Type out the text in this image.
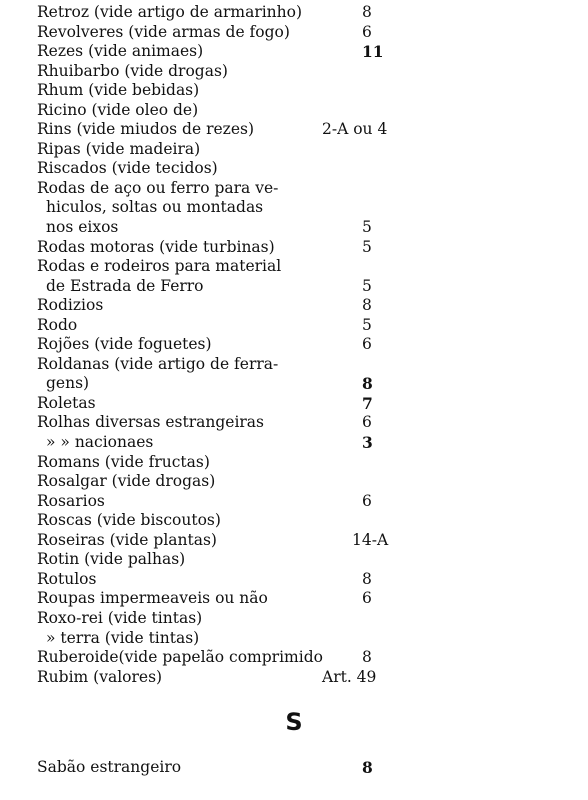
Retroz (vide artigo de armarinho)	8
Revolveres (vide armas de fogo)	6
Rezes (vide animaes)	11
Rhuibarbo (vide drogas)
Rhum (vide bebidas)
Ricino (vide oleo de)
Rins (vide miudos de rezes)	2-A ou 4
Ripas (vide madeira)
Riscados (vide tecidos)
Rodas de aço ou ferro para ve-
hiculos, soltas ou montadas
nos eixos	5
Rodas motoras (vide turbinas)	5
Rodas e rodeiros para material
de Estrada de Ferro	5
Rodizios	8
Rodo	5
Rojões (vide foguetes)	6
Roldanas (vide artigo de ferra-
gens)	8
Roletas	7
Rolhas diversas estrangeiras	6
» » nacionaes	3
Romans (vide fructas)
Rosalgar (vide drogas)
Rosarios	6
Roscas (vide biscoutos)
Roseiras (vide plantas)	14-A
Rotin (vide palhas)
Rotulos	8
Roupas impermeaveis ou não	6
Roxo-rei (vide tintas)
» terra (vide tintas)
Ruberoide(vide papelão comprimido	8
Rubim (valores)	Art. 49
S
Sabão estrangeiro	8
